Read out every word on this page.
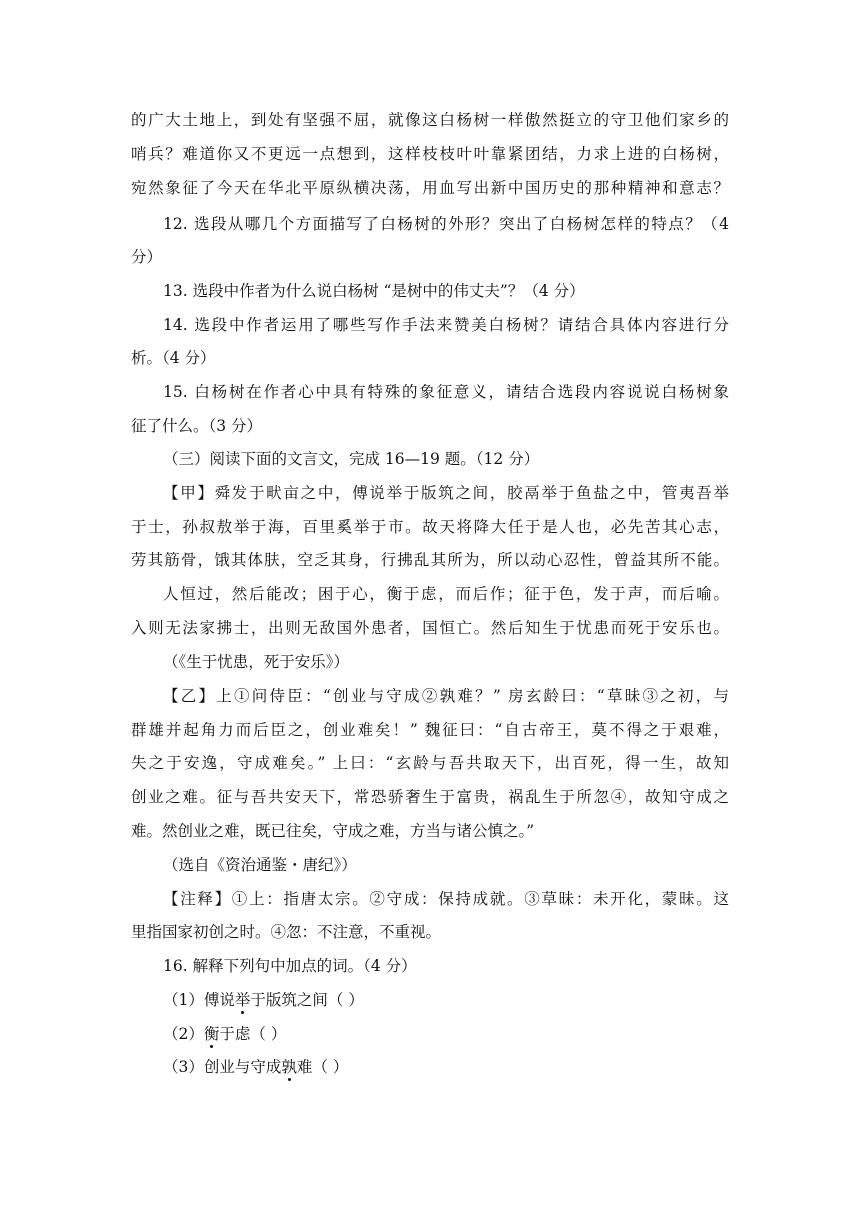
的广大土地上，到处有坚强不屈，就像这白杨树一样傲然挺立的守卫他们家乡的
哨兵？难道你又不更远一点想到，这样枝枝叶叶靠紧团结，力求上进的白杨树，
宛然象征了今天在华北平原纵横决荡，用血写出新中国历史的那种精神和意志？
12. 选段从哪几个方面描写了白杨树的外形？突出了白杨树怎样的特点？（4
分）
13. 选段中作者为什么说白杨树 “是树中的伟丈夫”？（4 分）
14. 选段中作者运用了哪些写作手法来赞美白杨树？请结合具体内容进行分
析。（4 分）
15. 白杨树在作者心中具有特殊的象征意义，请结合选段内容说说白杨树象
征了什么。（3 分）
（三）阅读下面的文言文，完成 16—19 题。（12 分）
【甲】舜发于畎亩之中，傅说举于版筑之间，胶鬲举于鱼盐之中，管夷吾举
于士，孙叔敖举于海，百里奚举于市。故天将降大任于是人也，必先苦其心志，
劳其筋骨，饿其体肤，空乏其身，行拂乱其所为，所以动心忍性，曾益其所不能。
人恒过，然后能改；困于心，衡于虑，而后作；征于色，发于声，而后喻。
入则无法家拂士，出则无敌国外患者，国恒亡。然后知生于忧患而死于安乐也。
（《生于忧患，死于安乐》）
【乙】上①问侍臣：“创业与守成②孰难？” 房玄龄曰：“草昧③之初，与
群雄并起角力而后臣之，创业难矣！” 魏征曰：“自古帝王，莫不得之于艰难，
失之于安逸，守成难矣。” 上曰：“玄龄与吾共取天下，出百死，得一生，故知
创业之难。征与吾共安天下，常恐骄奢生于富贵，祸乱生于所忽④，故知守成之
难。然创业之难，既已往矣，守成之难，方当与诸公慎之。”
（选自《资治通鉴・唐纪》）
【注释】①上：指唐太宗。②守成：保持成就。③草昧：未开化，蒙昧。这
里指国家初创之时。④忽：不注意，不重视。
16. 解释下列句中加点的词。（4 分）
（1）傅说举于版筑之间（ ）
（2）衡于虑（ ）
（3）创业与守成孰难（ ）
